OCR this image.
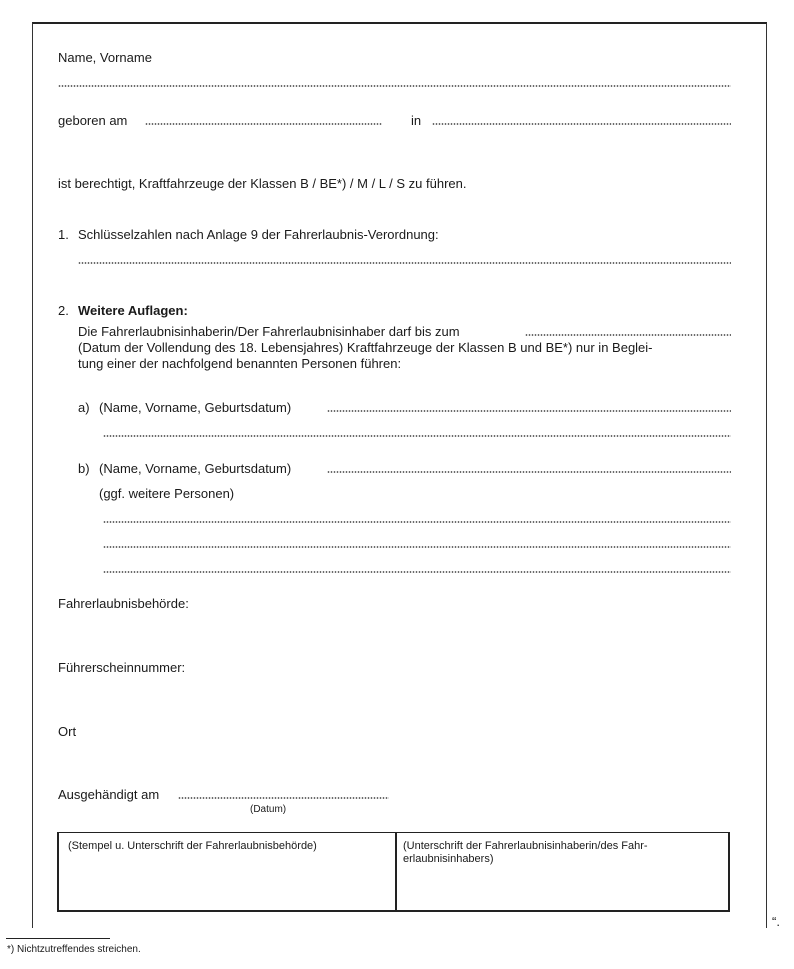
Name, Vorname
geboren am	in
ist berechtigt, Kraftfahrzeuge der Klassen B / BE*) / M / L / S zu führen.
1. Schlüsselzahlen nach Anlage 9 der Fahrerlaubnis-Verordnung:
2. Weitere Auflagen:
Die Fahrerlaubnisinhaberin/Der Fahrerlaubnisinhaber darf bis zum
(Datum der Vollendung des 18. Lebensjahres) Kraftfahrzeuge der Klassen B und BE*) nur in Beglei-
tung einer der nachfolgend benannten Personen führen:
a) (Name, Vorname, Geburtsdatum)
b) (Name, Vorname, Geburtsdatum)
(ggf. weitere Personen)
Fahrerlaubnisbehörde:
Führerscheinnummer:
Ort
Ausgehändigt am
(Datum)
(Stempel u. Unterschrift der Fahrerlaubnisbehörde)	(Unterschrift der Fahrerlaubnisinhaberin/des Fahr-
erlaubnisinhabers)
“.
*) Nichtzutreffendes streichen.
